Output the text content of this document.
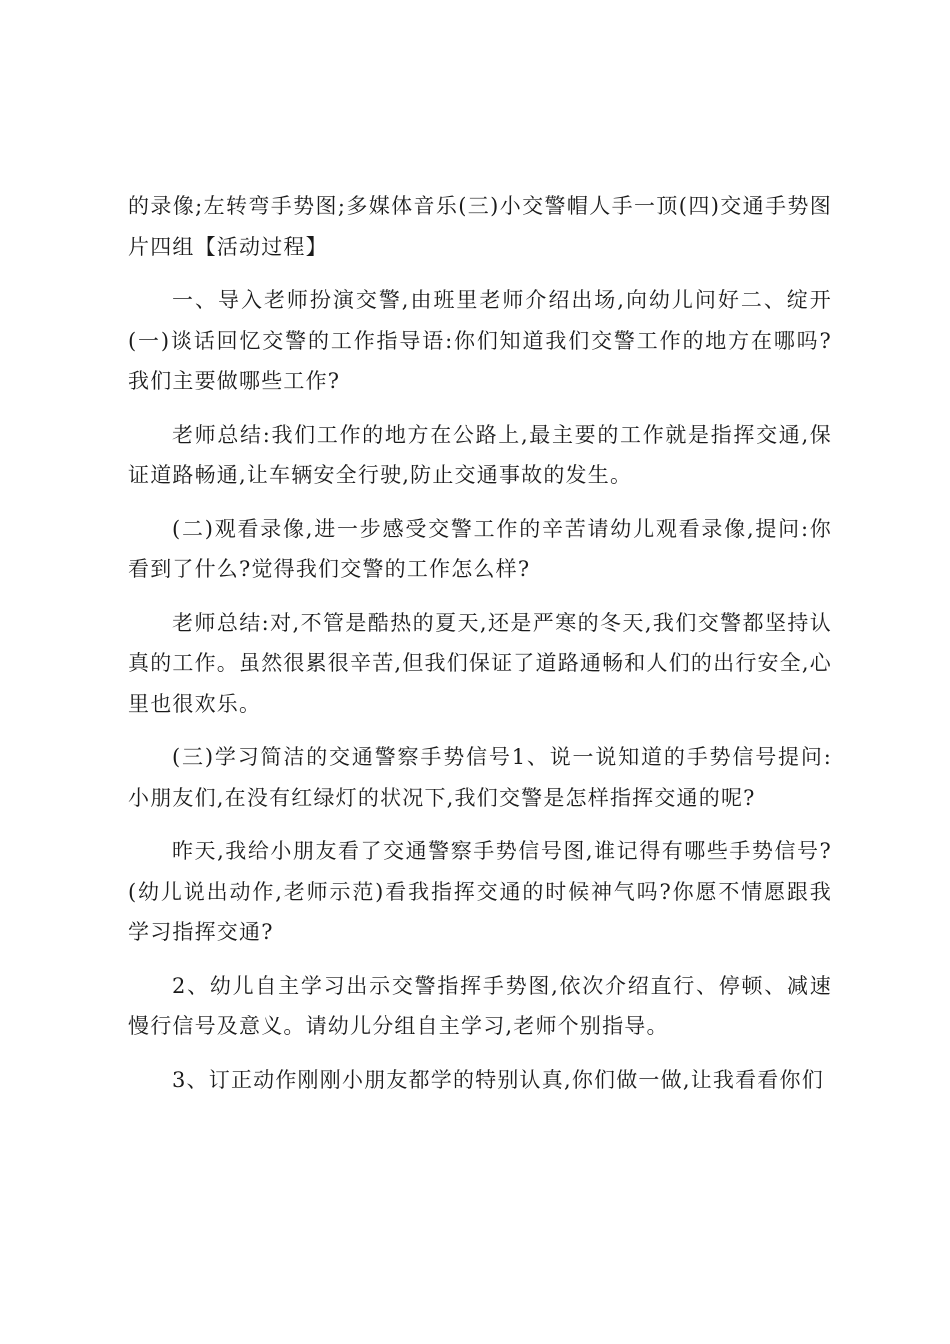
的录像;左转弯手势图;多媒体音乐(三)小交警帽人手一顶(四)交通手势图片四组【活动过程】

一、导入老师扮演交警,由班里老师介绍出场,向幼儿问好二、绽开(一)谈话回忆交警的工作指导语:你们知道我们交警工作的地方在哪吗?我们主要做哪些工作?

老师总结:我们工作的地方在公路上,最主要的工作就是指挥交通,保证道路畅通,让车辆安全行驶,防止交通事故的发生。

(二)观看录像,进一步感受交警工作的辛苦请幼儿观看录像,提问:你看到了什么?觉得我们交警的工作怎么样?

老师总结:对,不管是酷热的夏天,还是严寒的冬天,我们交警都坚持认真的工作。虽然很累很辛苦,但我们保证了道路通畅和人们的出行安全,心里也很欢乐。

(三)学习简洁的交通警察手势信号1、说一说知道的手势信号提问:小朋友们,在没有红绿灯的状况下,我们交警是怎样指挥交通的呢?

昨天,我给小朋友看了交通警察手势信号图,谁记得有哪些手势信号?(幼儿说出动作,老师示范)看我指挥交通的时候神气吗?你愿不情愿跟我学习指挥交通?

2、幼儿自主学习出示交警指挥手势图,依次介绍直行、停顿、减速慢行信号及意义。请幼儿分组自主学习,老师个别指导。

3、订正动作刚刚小朋友都学的特别认真,你们做一做,让我看看你们
